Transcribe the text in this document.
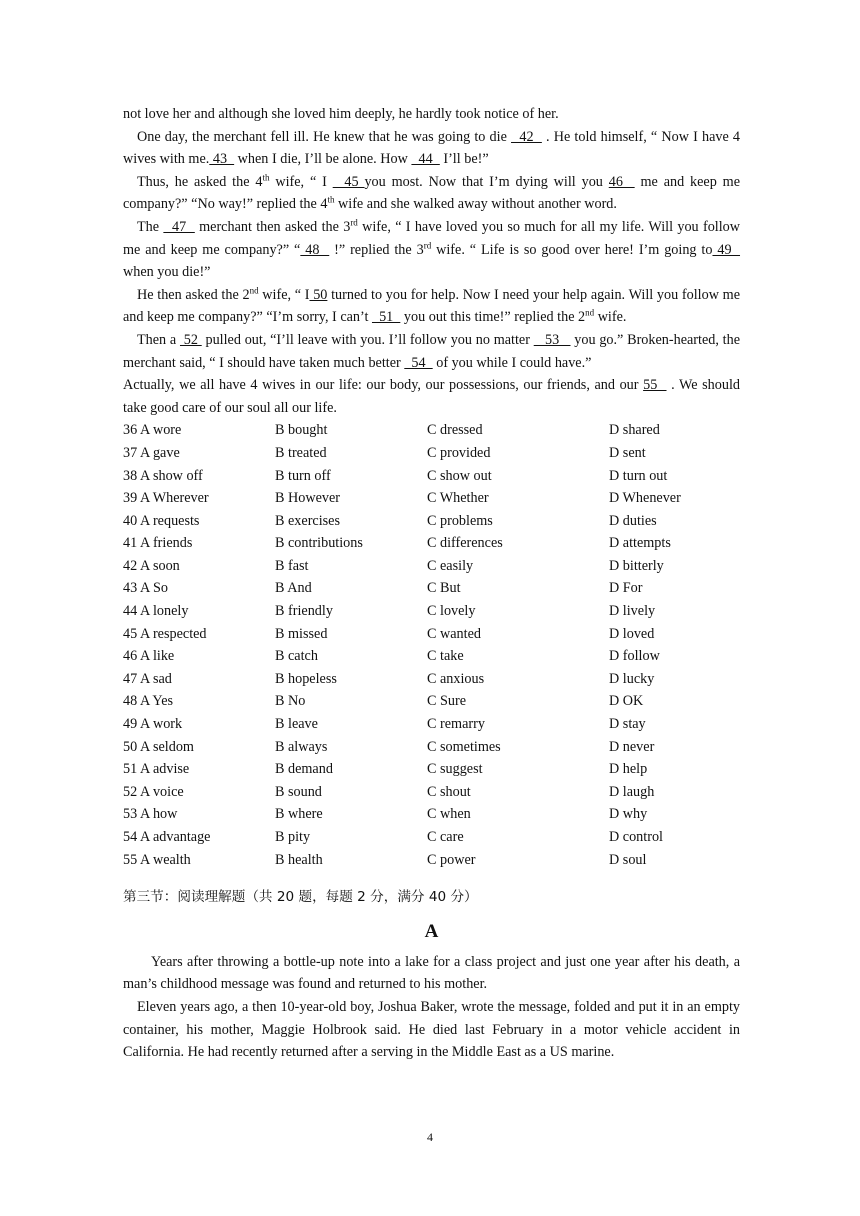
not love her and although she loved him deeply, he hardly took notice of her.

One day, the merchant fell ill. He knew that he was going to die   42   . He told himself, “ Now I have 4 wives with me. 43   when I die, I’ll be alone. How   44   I’ll be!”

Thus, he asked the 4th wife, “ I   45 you most. Now that I’m dying will you 46   me and keep me company?” “No way!” replied the 4th wife and she walked away without another word.

The   47   merchant then asked the 3rd wife, “ I have loved you so much for all my life. Will you follow me and keep me company?” “ 48   !” replied the 3rd wife. “ Life is so good over here! I’m going to 49   when you die!”

He then asked the 2nd wife, “ I 50 turned to you for help. Now I need your help again. Will you follow me and keep me company?” “I’m sorry, I can’t   51   you out this time!” replied the 2nd wife.

Then a  52  pulled out, “I’ll leave with you. I’ll follow you no matter    53    you go.” Broken-hearted, the merchant said, “ I should have taken much better   54   of you while I could have.”

Actually, we all have 4 wives in our life: our body, our possessions, our friends, and our 55   . We should take good care of our soul all our life.

36 A wore	B bought	C dressed	D shared
37 A gave	B treated	C provided	D sent
38 A show off	B turn off	C show out	D turn out
39 A Wherever	B However	C Whether	D Whenever
40 A requests	B exercises	C problems	D duties
41 A friends	B contributions	C differences	D attempts
42 A soon	B fast	C easily	D bitterly
43 A So	B And	C But	D For
44 A lonely	B friendly	C lovely	D lively
45 A respected	B missed	C wanted	D loved
46 A like	B catch	C take	D follow
47 A sad	B hopeless	C anxious	D lucky
48 A Yes	B No	C Sure	D OK
49 A work	B leave	C remarry	D stay
50 A seldom	B always	C sometimes	D never
51 A advise	B demand	C suggest	D help
52 A voice	B sound	C shout	D laugh
53 A how	B where	C when	D why
54 A advantage	B pity	C care	D control
55 A wealth	B health	C power	D soul
第三节：阅读理解题（共 20 题，每题 2 分，满分 40 分）
A

Years after throwing a bottle-up note into a lake for a class project and just one year after his death, a man’s childhood message was found and returned to his mother.

Eleven years ago, a then 10-year-old boy, Joshua Baker, wrote the message, folded and put it in an empty container, his mother, Maggie Holbrook said. He died last February in a motor vehicle accident in California. He had recently returned after a serving in the Middle East as a US marine.

4
